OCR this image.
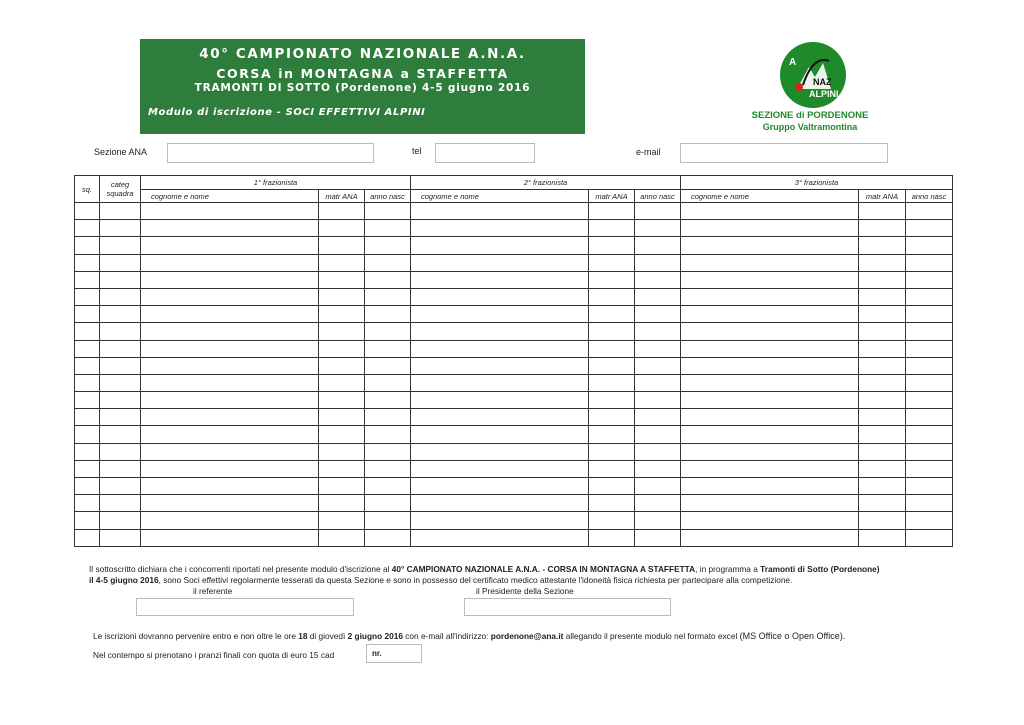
40° CAMPIONATO NAZIONALE A.N.A.
CORSA in MONTAGNA a STAFFETTA
TRAMONTI DI SOTTO (Pordenone) 4-5 giugno 2016
Modulo di iscrizione - SOCI EFFETTIVI ALPINI
A
NAZ
ALPINI
SEZIONE di PORDENONE
Gruppo Valtramontina
Sezione ANA	tel	e-mail
sq.	categ squadra	1° frazionista			2° frazionista			3° frazionista		
		cognome e nome	matr ANA	anno nasc	cognome e nome	matr ANA	anno nasc	cognome e nome	matr ANA	anno nasc

Il sottoscritto dichiara che i concorrenti riportati nel presente modulo d'iscrizione al 40° CAMPIONATO NAZIONALE A.N.A. - CORSA IN MONTAGNA A STAFFETTA, in programma a Tramonti di Sotto (Pordenone)
il 4-5 giugno 2016, sono Soci effettivi regolarmente tesserati da questa Sezione e sono in possesso del certificato medico attestante l'idoneità fisica richiesta per partecipare alla competizione.
il referente	il Presidente della Sezione
Le iscrizioni dovranno pervenire entro e non oltre le ore 18 di giovedì 2 giugno 2016 con e-mail all'indirizzo: pordenone@ana.it allegando il presente modulo nel formato excel (MS Office o Open Office).
Nel contempo si prenotano i pranzi finali con quota di euro 15 cad	nr.
